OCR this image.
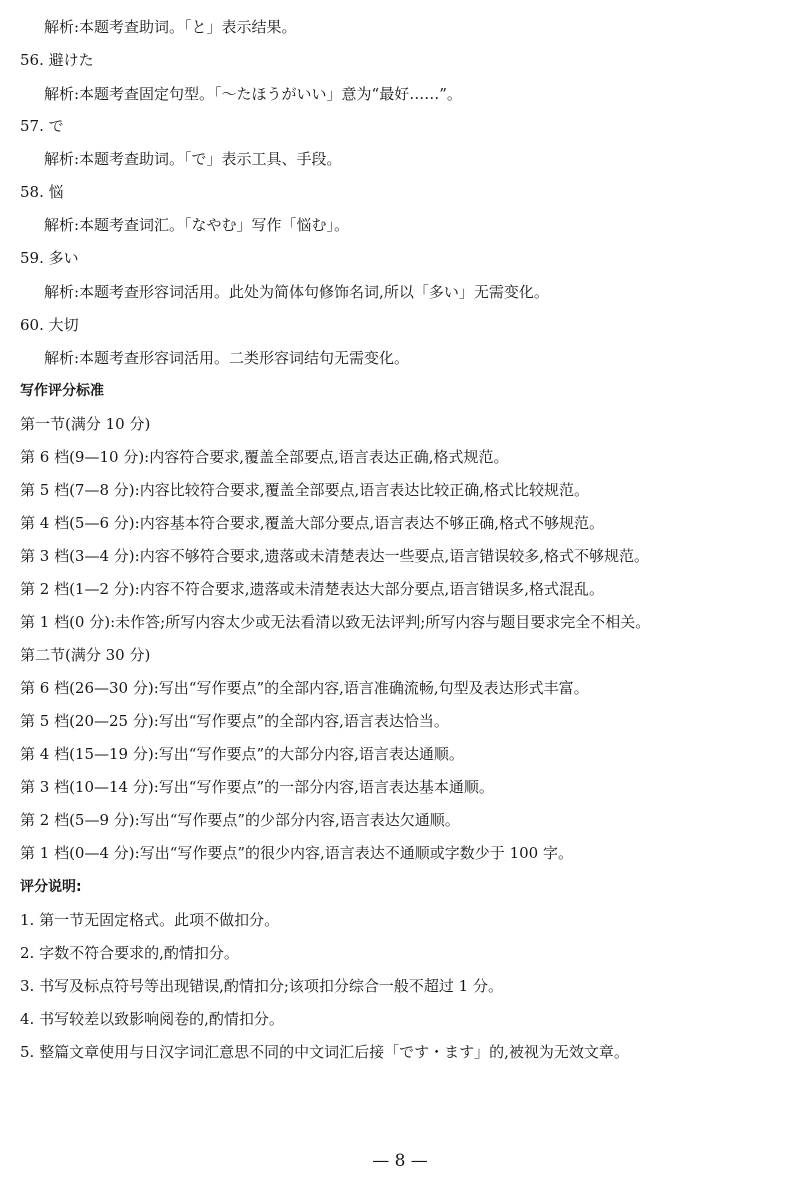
解析:本题考查助词。「と」表示结果。
56. 避けた
解析:本题考查固定句型。「～たほうがいい」意为“最好……”。
57. で
解析:本题考查助词。「で」表示工具、手段。
58. 悩
解析:本题考查词汇。「なやむ」写作「悩む」。
59. 多い
解析:本题考查形容词活用。此处为简体句修饰名词,所以「多い」无需变化。
60. 大切
解析:本题考查形容词活用。二类形容词结句无需变化。
写作评分标准
第一节(满分 10 分)
第 6 档(9—10 分):内容符合要求,覆盖全部要点,语言表达正确,格式规范。
第 5 档(7—8 分):内容比较符合要求,覆盖全部要点,语言表达比较正确,格式比较规范。
第 4 档(5—6 分):内容基本符合要求,覆盖大部分要点,语言表达不够正确,格式不够规范。
第 3 档(3—4 分):内容不够符合要求,遗落或未清楚表达一些要点,语言错误较多,格式不够规范。
第 2 档(1—2 分):内容不符合要求,遗落或未清楚表达大部分要点,语言错误多,格式混乱。
第 1 档(0 分):未作答;所写内容太少或无法看清以致无法评判;所写内容与题目要求完全不相关。
第二节(满分 30 分)
第 6 档(26—30 分):写出“写作要点”的全部内容,语言准确流畅,句型及表达形式丰富。
第 5 档(20—25 分):写出“写作要点”的全部内容,语言表达恰当。
第 4 档(15—19 分):写出“写作要点”的大部分内容,语言表达通顺。
第 3 档(10—14 分):写出“写作要点”的一部分内容,语言表达基本通顺。
第 2 档(5—9 分):写出“写作要点”的少部分内容,语言表达欠通顺。
第 1 档(0—4 分):写出“写作要点”的很少内容,语言表达不通顺或字数少于 100 字。
评分说明:
1. 第一节无固定格式。此项不做扣分。
2. 字数不符合要求的,酌情扣分。
3. 书写及标点符号等出现错误,酌情扣分;该项扣分综合一般不超过 1 分。
4. 书写较差以致影响阅卷的,酌情扣分。
5. 整篇文章使用与日汉字词汇意思不同的中文词汇后接「です・ます」的,被视为无效文章。
— 8 —
